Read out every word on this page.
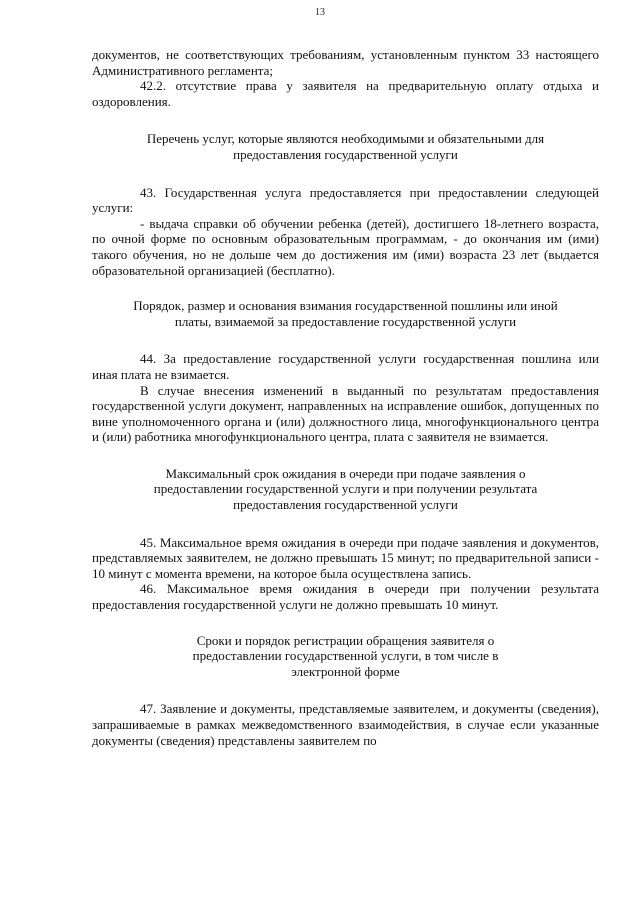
13

документов, не соответствующих требованиям, установленным пунктом 33 настоящего Административного регламента;

42.2. отсутствие права у заявителя на предварительную оплату отдыха и оздоровления.

Перечень услуг, которые являются необходимыми и обязательными для предоставления государственной услуги

43. Государственная услуга предоставляется при предоставлении следующей услуги:

- выдача справки об обучении ребенка (детей), достигшего 18-летнего возраста, по очной форме по основным образовательным программам, - до окончания им (ими) такого обучения, но не дольше чем до достижения им (ими) возраста 23 лет (выдается образовательной организацией (бесплатно).

Порядок, размер и основания взимания государственной пошлины или иной платы, взимаемой за предоставление государственной услуги

44. За предоставление государственной услуги государственная пошлина или иная плата не взимается.

В случае внесения изменений в выданный по результатам предоставления государственной услуги документ, направленных на исправление ошибок, допущенных по вине уполномоченного органа и (или) должностного лица, многофункционального центра и (или) работника многофункционального центра, плата с заявителя не взимается.

Максимальный срок ожидания в очереди при подаче заявления о предоставлении государственной услуги и при получении результата предоставления государственной услуги

45. Максимальное время ожидания в очереди при подаче заявления и документов, представляемых заявителем, не должно превышать 15 минут; по предварительной записи - 10 минут с момента времени, на которое была осуществлена запись.

46. Максимальное время ожидания в очереди при получении результата предоставления государственной услуги не должно превышать 10 минут.

Сроки и порядок регистрации обращения заявителя о предоставлении государственной услуги, в том числе в электронной форме

47. Заявление и документы, представляемые заявителем, и документы (сведения), запрашиваемые в рамках межведомственного взаимодействия, в случае если указанные документы (сведения) представлены заявителем по
